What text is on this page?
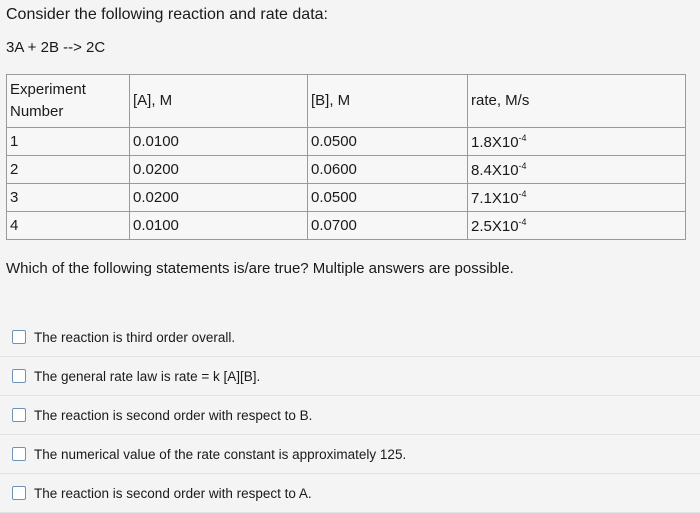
Consider the following reaction and rate data:
3A + 2B --> 2C
Experiment Number	[A], M	[B], M	rate, M/s
1	0.0100	0.0500	$1.8X10^{-4}$
2	0.0200	0.0600	$8.4X10^{-4}$
3	0.0200	0.0500	$7.1X10^{-4}$
4	0.0100	0.0700	$2.5X10^{-4}$
Which of the following statements is/are true? Multiple answers are possible.
The reaction is third order overall.
The general rate law is rate = k [A][B].
The reaction is second order with respect to B.
The numerical value of the rate constant is approximately 125.
The reaction is second order with respect to A.
